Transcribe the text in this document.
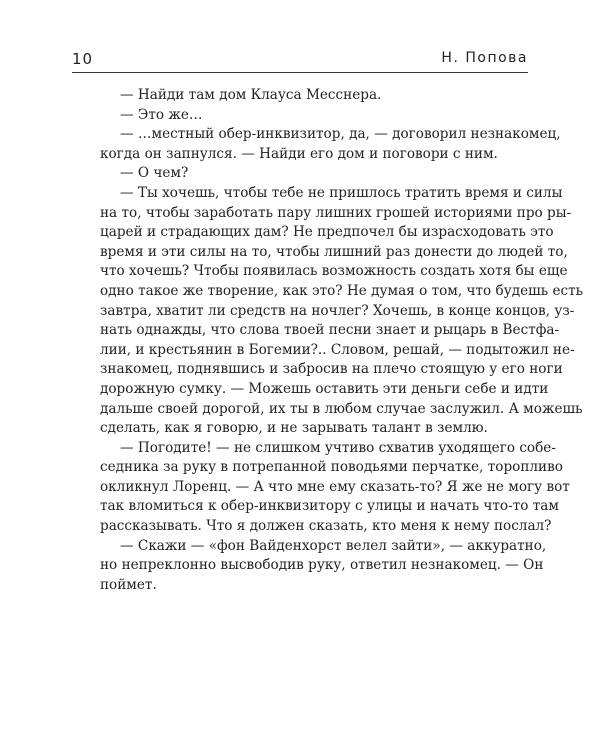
10	Н. Попова
— Найди там дом Клауса Месснера.
— Это же…
— …местный обер-инквизитор, да, — договорил незнакомец,
когда он запнулся. — Найди его дом и поговори с ним.
— О чем?
— Ты хочешь, чтобы тебе не пришлось тратить время и силы
на то, чтобы заработать пару лишних грошей историями про ры-
царей и страдающих дам? Не предпочел бы израсходовать это
время и эти силы на то, чтобы лишний раз донести до людей то,
что хочешь? Чтобы появилась возможность создать хотя бы еще
одно такое же творение, как это? Не думая о том, что будешь есть
завтра, хватит ли средств на ночлег? Хочешь, в конце концов, уз-
нать однажды, что слова твоей песни знает и рыцарь в Вестфа-
лии, и крестьянин в Богемии?.. Словом, решай, — подытожил не-
знакомец, поднявшись и забросив на плечо стоящую у его ноги
дорожную сумку. — Можешь оставить эти деньги себе и идти
дальше своей дорогой, их ты в любом случае заслужил. А можешь
сделать, как я говорю, и не зарывать талант в землю.
— Погодите! — не слишком учтиво схватив уходящего собе-
седника за руку в потрепанной поводьями перчатке, торопливо
окликнул Лоренц. — А что мне ему сказать-то? Я же не могу вот
так вломиться к обер-инквизитору с улицы и начать что-то там
рассказывать. Что я должен сказать, кто меня к нему послал?
— Скажи — «фон Вайденхорст велел зайти», — аккуратно,
но непреклонно высвободив руку, ответил незнакомец. — Он
поймет.
